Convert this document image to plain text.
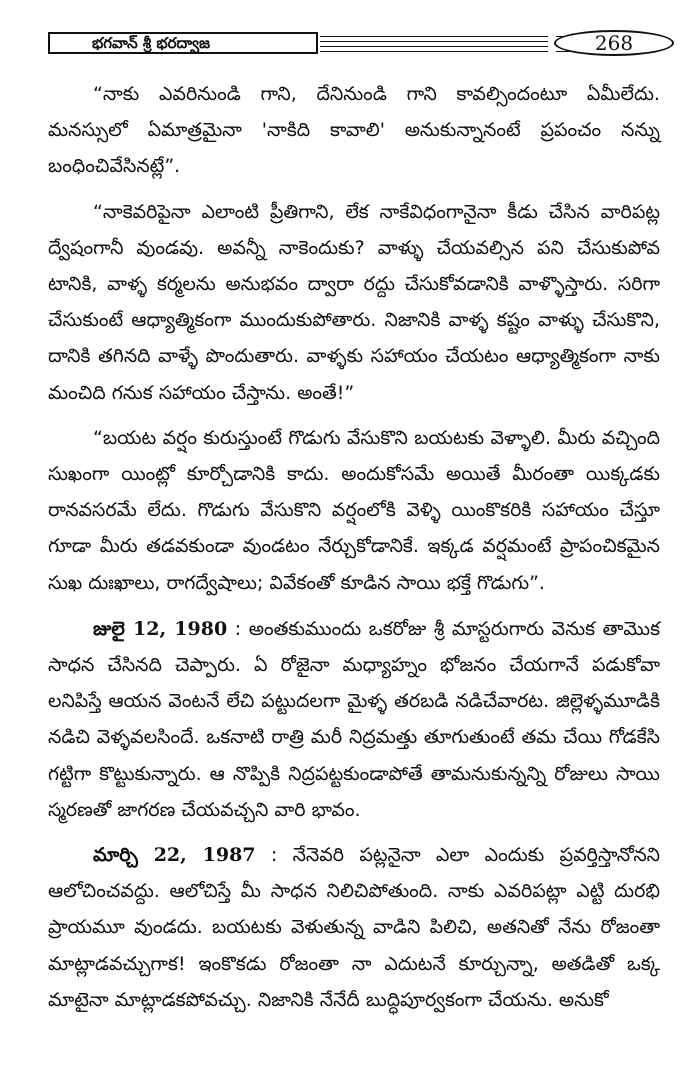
భగవాన్ శ్రీ భరద్వాజ	268

“నాకు ఎవరినుండి గాని, దేనినుండి గాని కావల్సిందంటూ ఏమీలేదు. మనస్సులో ఏమాత్రమైనా 'నాకిది కావాలి' అనుకున్నానంటే ప్రపంచం నన్ను బంధించివేసినట్లే”.

“నాకెవరిపైనా ఎలాంటి ప్రీతిగాని, లేక నాకేవిధంగానైనా కీడు చేసిన వారిపట్ల ద్వేషంగానీ వుండవు. అవన్నీ నాకెందుకు? వాళ్ళు చేయవల్సిన పని చేసుకుపోవ టానికి, వాళ్ళ కర్మలను అనుభవం ద్వారా రద్దు చేసుకోవడానికి వాళ్ళొస్తారు. సరిగా చేసుకుంటే ఆధ్యాత్మికంగా ముందుకుపోతారు. నిజానికి వాళ్ళ కష్టం వాళ్ళు చేసుకొని, దానికి తగినది వాళ్ళే పొందుతారు. వాళ్ళకు సహాయం చేయటం ఆధ్యాత్మికంగా నాకు మంచిది గనుక సహాయం చేస్తాను. అంతే!”

“బయట వర్షం కురుస్తుంటే గొడుగు వేసుకొని బయటకు వెళ్ళాలి. మీరు వచ్చింది సుఖంగా యింట్లో కూర్చోడానికి కాదు. అందుకోసమే అయితే మీరంతా యిక్కడకు రానవసరమే లేదు. గొడుగు వేసుకొని వర్షంలోకి వెళ్ళి యింకొకరికి సహాయం చేస్తూ గూడా మీరు తడవకుండా వుండటం నేర్చుకోడానికే. ఇక్కడ వర్షమంటే ప్రాపంచికమైన సుఖ దుఃఖాలు, రాగద్వేషాలు; వివేకంతో కూడిన సాయి భక్తే గొడుగు”.

జులై 12, 1980 : అంతకుముందు ఒకరోజు శ్రీ మాస్టరుగారు వెనుక తామొక సాధన చేసినది చెప్పారు. ఏ రోజైనా మధ్యాహ్నం భోజనం చేయగానే పడుకోవా లనిపిస్తే ఆయన వెంటనే లేచి పట్టుదలగా మైళ్ళ తరబడి నడిచేవారట. జిల్లెళ్ళమూడికి నడిచి వెళ్ళవలసిందే. ఒకనాటి రాత్రి మరీ నిద్రమత్తు తూగుతుంటే తమ చేయి గోడకేసి గట్టిగా కొట్టుకున్నారు. ఆ నొప్పికి నిద్రపట్టకుండాపోతే తామనుకున్నన్ని రోజులు సాయి స్మరణతో జాగరణ చేయవచ్చని వారి భావం.

మార్చి 22, 1987 : నేనెవరి పట్లనైనా ఎలా ఎందుకు ప్రవర్తిస్తానోనని ఆలోచించవద్దు. ఆలోచిస్తే మీ సాధన నిలిచిపోతుంది. నాకు ఎవరిపట్లా ఎట్టి దురభి ప్రాయమూ వుండదు. బయటకు వెళుతున్న వాడిని పిలిచి, అతనితో నేను రోజంతా మాట్లాడవచ్చుగాక! ఇంకొకడు రోజంతా నా ఎదుటనే కూర్చున్నా, అతడితో ఒక్క మాటైనా మాట్లాడకపోవచ్చు. నిజానికి నేనేదీ బుద్ధిపూర్వకంగా చేయను. అనుకో
